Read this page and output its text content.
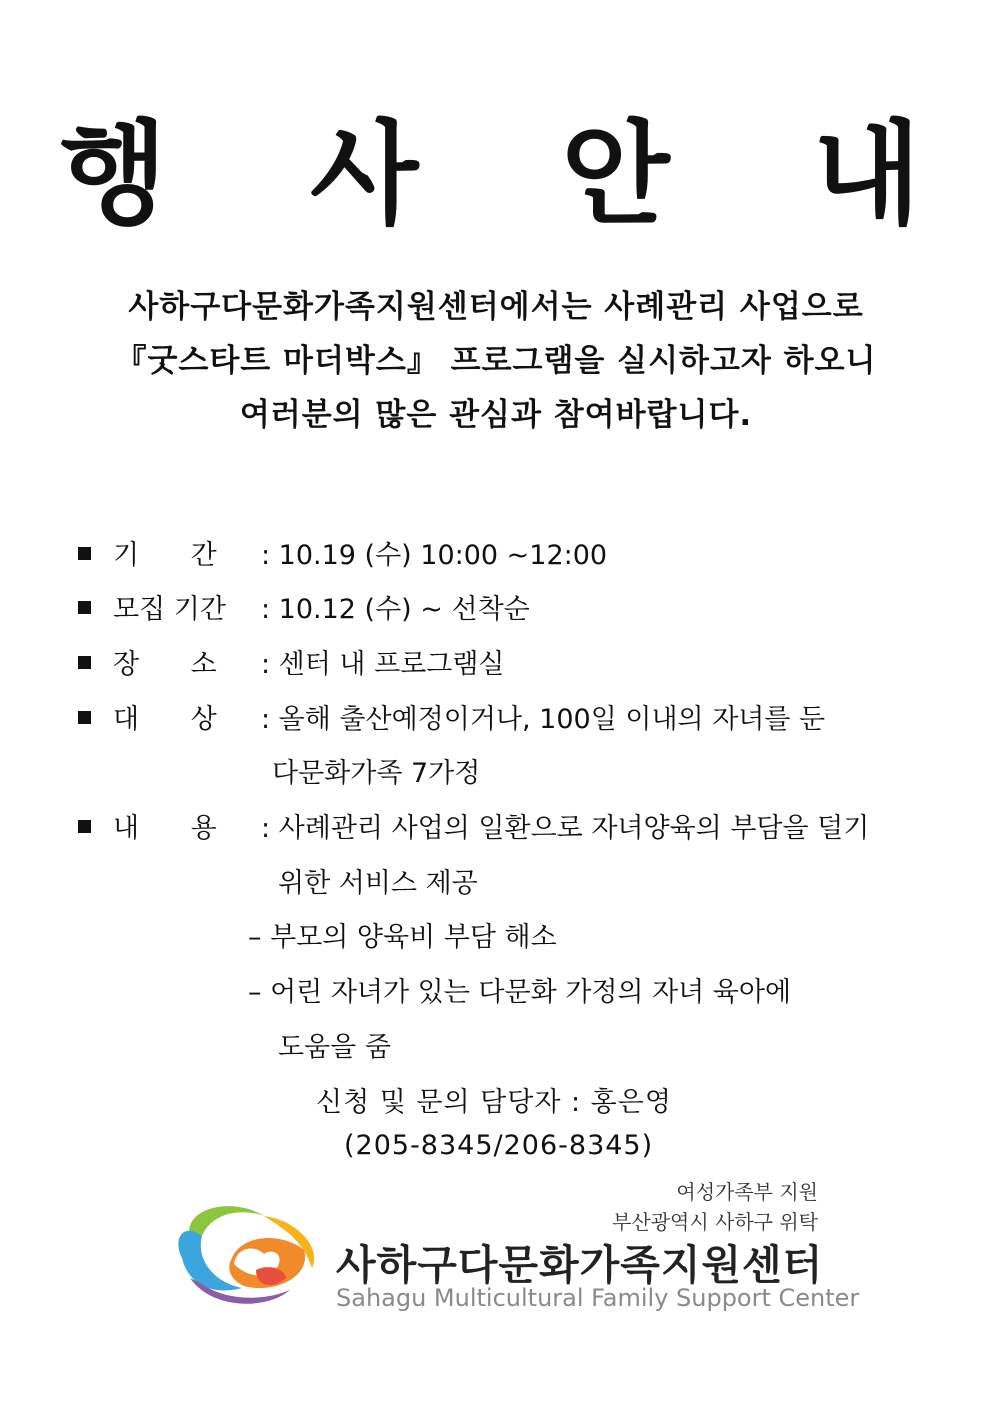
행 사 안 내
사하구다문화가족지원센터에서는 사례관리 사업으로
『굿스타트 마더박스』 프로그램을 실시하고자 하오니
여러분의 많은 관심과 참여바랍니다.
기      간 : 10.19 (수) 10:00 ~12:00
모집 기간 : 10.12 (수) ~ 선착순
장      소 : 센터 내 프로그램실
대      상 : 올해 출산예정이거나, 100일 이내의 자녀를 둔
다문화가족 7가정
내      용 : 사례관리 사업의 일환으로 자녀양육의 부담을 덜기
위한 서비스 제공
– 부모의 양육비 부담 해소
– 어린 자녀가 있는 다문화 가정의 자녀 육아에
도움을 줌
신청 및 문의 담당자 : 홍은영
(205-8345/206-8345)
여성가족부 지원
부산광역시 사하구 위탁
사하구다문화가족지원센터
Sahagu Multicultural Family Support Center
